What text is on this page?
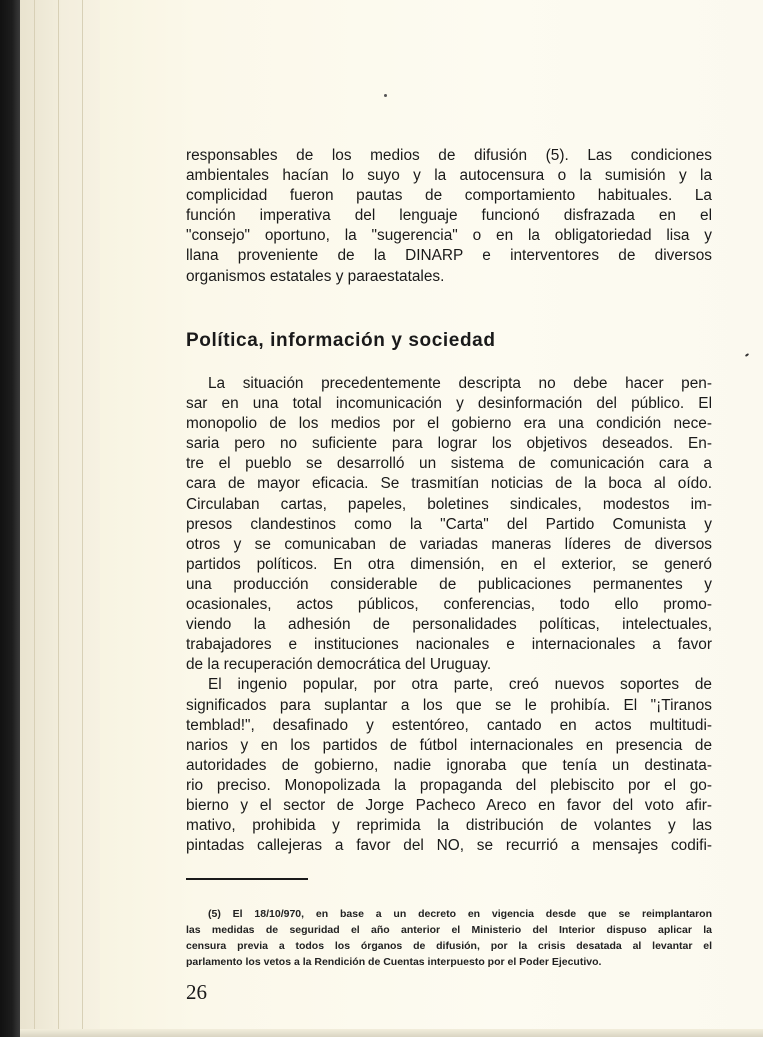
responsables de los medios de difusión (5). Las condiciones
ambientales hacían lo suyo y la autocensura o la sumisión y la
complicidad fueron pautas de comportamiento habituales. La
función imperativa del lenguaje funcionó disfrazada en el
"consejo" oportuno, la "sugerencia" o en la obligatoriedad lisa y
llana proveniente de la DINARP e interventores de diversos
organismos estatales y paraestatales.
Política, información y sociedad
La situación precedentemente descripta no debe hacer pen-
sar en una total incomunicación y desinformación del público. El
monopolio de los medios por el gobierno era una condición nece-
saria pero no suficiente para lograr los objetivos deseados. En-
tre el pueblo se desarrolló un sistema de comunicación cara a
cara de mayor eficacia. Se trasmitían noticias de la boca al oído.
Circulaban cartas, papeles, boletines sindicales, modestos im-
presos clandestinos como la "Carta" del Partido Comunista y
otros y se comunicaban de variadas maneras líderes de diversos
partidos políticos. En otra dimensión, en el exterior, se generó
una producción considerable de publicaciones permanentes y
ocasionales, actos públicos, conferencias, todo ello promo-
viendo la adhesión de personalidades políticas, intelectuales,
trabajadores e instituciones nacionales e internacionales a favor
de la recuperación democrática del Uruguay.
El ingenio popular, por otra parte, creó nuevos soportes de
significados para suplantar a los que se le prohibía. El "¡Tiranos
temblad!", desafinado y estentóreo, cantado en actos multitudi-
narios y en los partidos de fútbol internacionales en presencia de
autoridades de gobierno, nadie ignoraba que tenía un destinata-
rio preciso. Monopolizada la propaganda del plebiscito por el go-
bierno y el sector de Jorge Pacheco Areco en favor del voto afir-
mativo, prohibida y reprimida la distribución de volantes y las
pintadas callejeras a favor del NO, se recurrió a mensajes codifi-
(5) El 18/10/970, en base a un decreto en vigencia desde que se reimplantaron
las medidas de seguridad el año anterior el Ministerio del Interior dispuso aplicar la
censura previa a todos los órganos de difusión, por la crisis desatada al levantar el
parlamento los vetos a la Rendición de Cuentas interpuesto por el Poder Ejecutivo.
26
